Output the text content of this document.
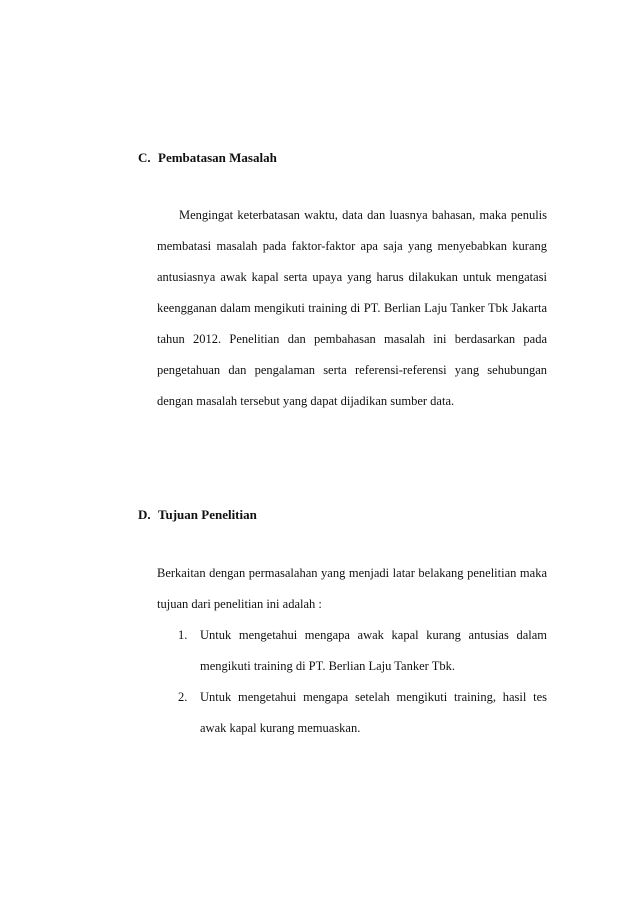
C. Pembatasan Masalah

Mengingat keterbatasan waktu, data dan luasnya bahasan, maka penulis membatasi masalah pada faktor-faktor apa saja yang menyebabkan kurang antusiasnya awak kapal serta upaya yang harus dilakukan untuk mengatasi keengganan dalam mengikuti training di PT. Berlian Laju Tanker Tbk Jakarta tahun 2012. Penelitian dan pembahasan masalah ini berdasarkan pada pengetahuan dan pengalaman serta referensi-referensi yang sehubungan dengan masalah tersebut yang dapat dijadikan sumber data.

D. Tujuan Penelitian

Berkaitan dengan permasalahan yang menjadi latar belakang penelitian maka tujuan dari penelitian ini adalah :

1. Untuk mengetahui mengapa awak kapal kurang antusias dalam mengikuti training di PT. Berlian Laju Tanker Tbk.
2. Untuk mengetahui mengapa setelah mengikuti training, hasil tes awak kapal kurang memuaskan.
